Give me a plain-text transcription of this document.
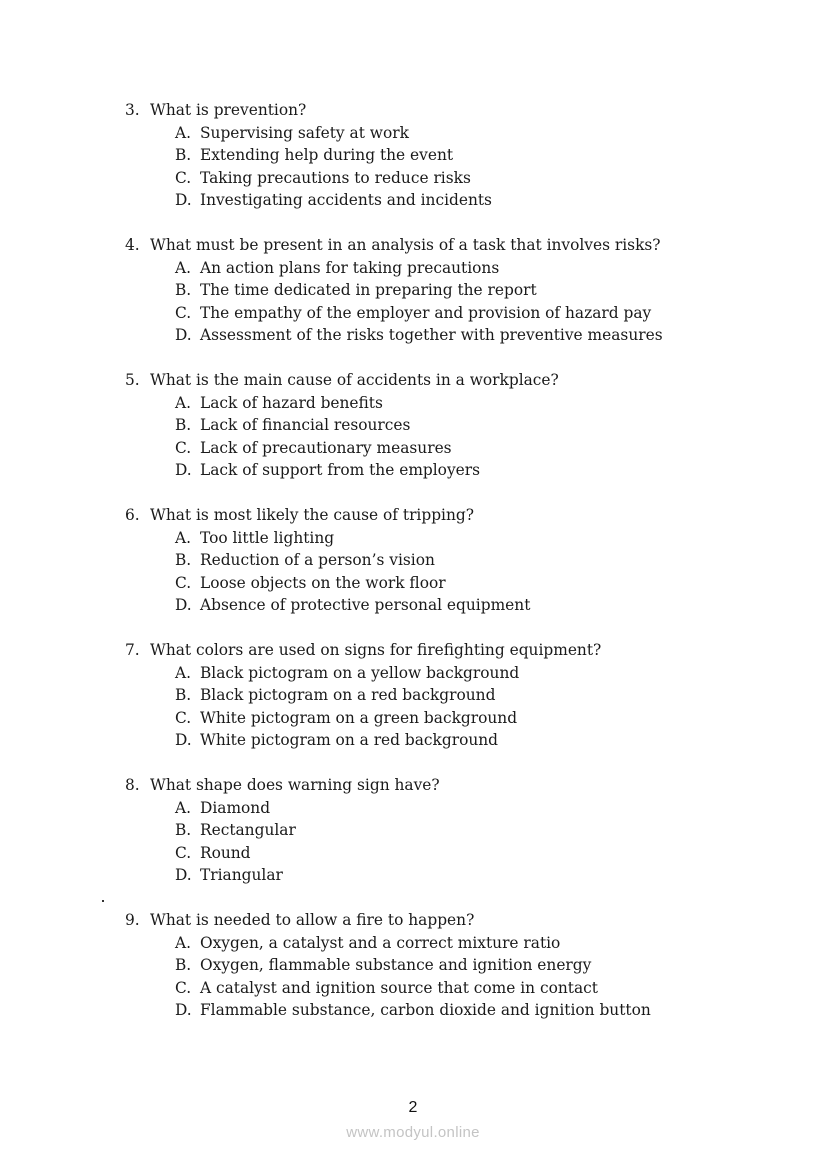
3. What is prevention?
A. Supervising safety at work
B. Extending help during the event
C. Taking precautions to reduce risks
D. Investigating accidents and incidents
4. What must be present in an analysis of a task that involves risks?
A. An action plans for taking precautions
B. The time dedicated in preparing the report
C. The empathy of the employer and provision of hazard pay
D. Assessment of the risks together with preventive measures
5. What is the main cause of accidents in a workplace?
A. Lack of hazard benefits
B. Lack of financial resources
C. Lack of precautionary measures
D. Lack of support from the employers
6. What is most likely the cause of tripping?
A. Too little lighting
B. Reduction of a person’s vision
C. Loose objects on the work floor
D. Absence of protective personal equipment
7. What colors are used on signs for firefighting equipment?
A. Black pictogram on a yellow background
B. Black pictogram on a red background
C. White pictogram on a green background
D. White pictogram on a red background
8. What shape does warning sign have?
A. Diamond
B. Rectangular
C. Round
D. Triangular
9. What is needed to allow a fire to happen?
A. Oxygen, a catalyst and a correct mixture ratio
B. Oxygen, flammable substance and ignition energy
C. A catalyst and ignition source that come in contact
D. Flammable substance, carbon dioxide and ignition button
2
www.modyul.online
